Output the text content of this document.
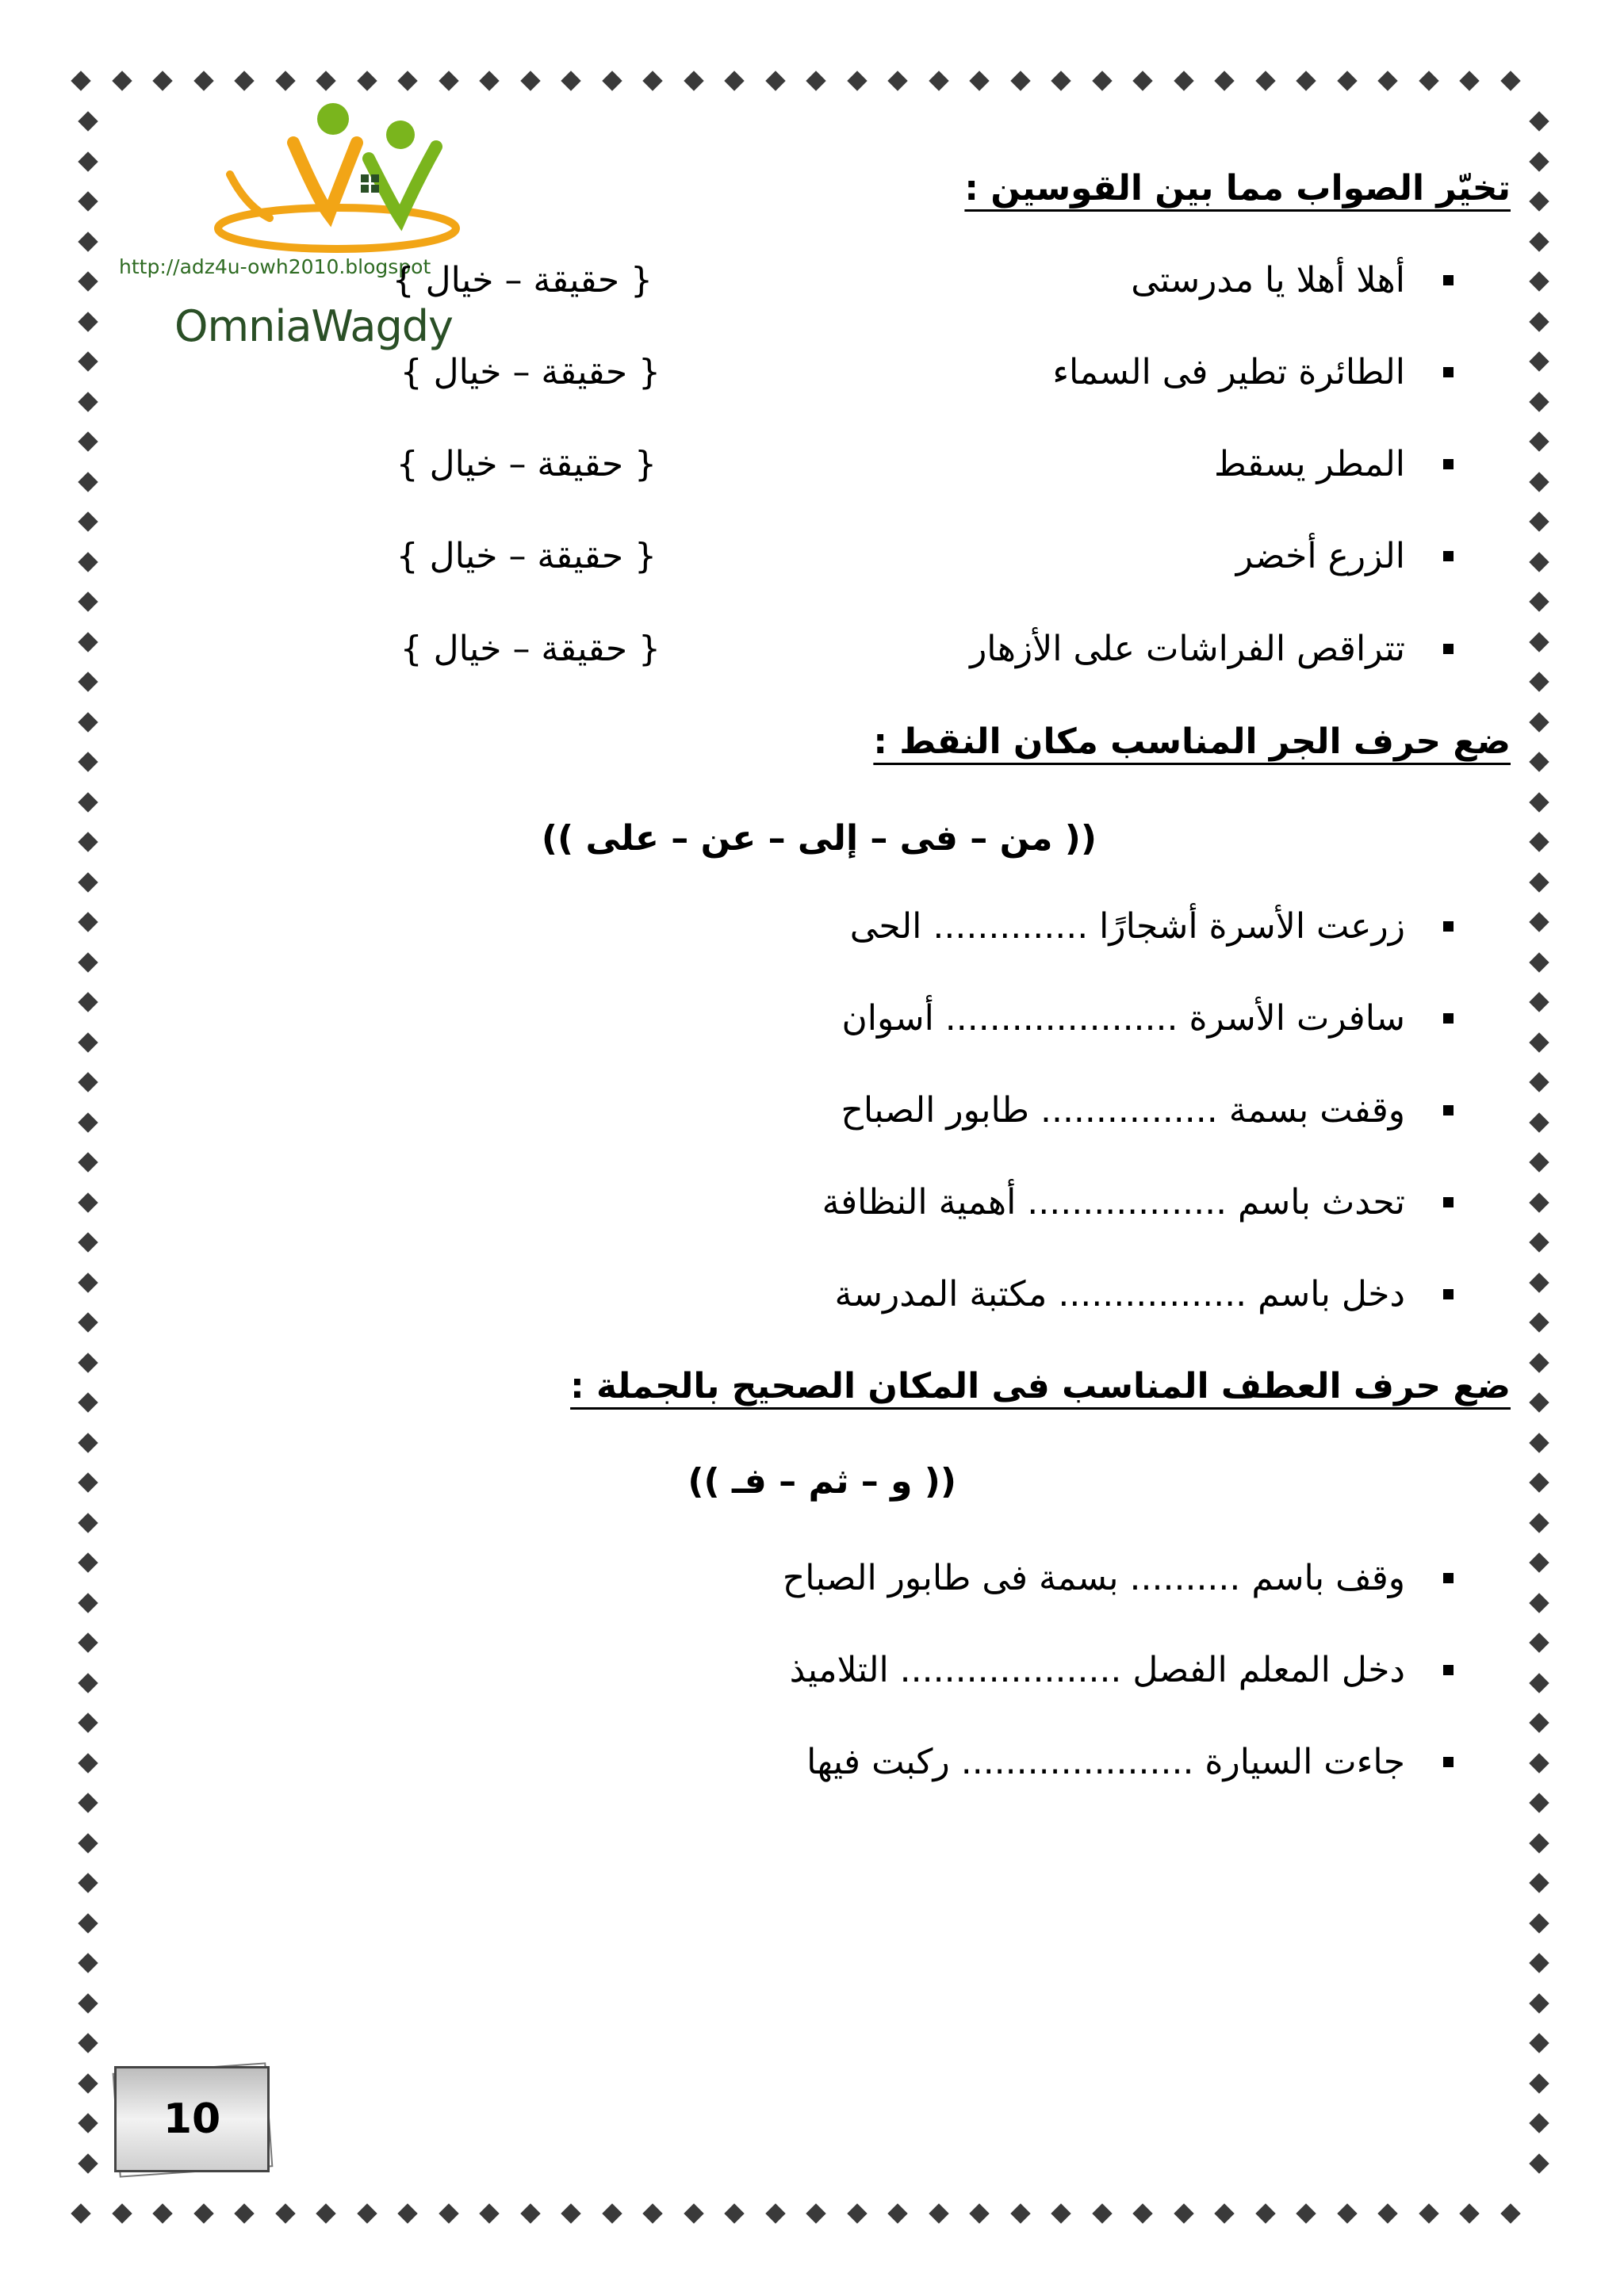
http://adz4u-owh2010.blogspot
OmniaWagdy
تخيّر الصواب مما بين القوسين :
أهلا أهلا يا مدرستى
{ حقيقة – خيال }
الطائرة تطير فى السماء
{ حقيقة – خيال }
المطر يسقط
{ حقيقة – خيال }
الزرع أخضر
{ حقيقة – خيال }
تتراقص الفراشات على الأزهار
{ حقيقة – خيال }
ضع حرف الجر المناسب مكان النقط :
(( من – فى – إلى – عن – على ))
زرعت الأسرة أشجارًا .............. الحى
سافرت الأسرة ..................... أسوان
وقفت بسمة ................ طابور الصباح
تحدث باسم .................. أهمية النظافة
دخل باسم ................. مكتبة المدرسة
ضع حرف العطف المناسب فى المكان الصحيح بالجملة :
(( و – ثم – فـ ))
وقف باسم .......... بسمة فى طابور الصباح
دخل المعلم الفصل .................... التلاميذ
جاءت السيارة ..................... ركبت فيها
10
